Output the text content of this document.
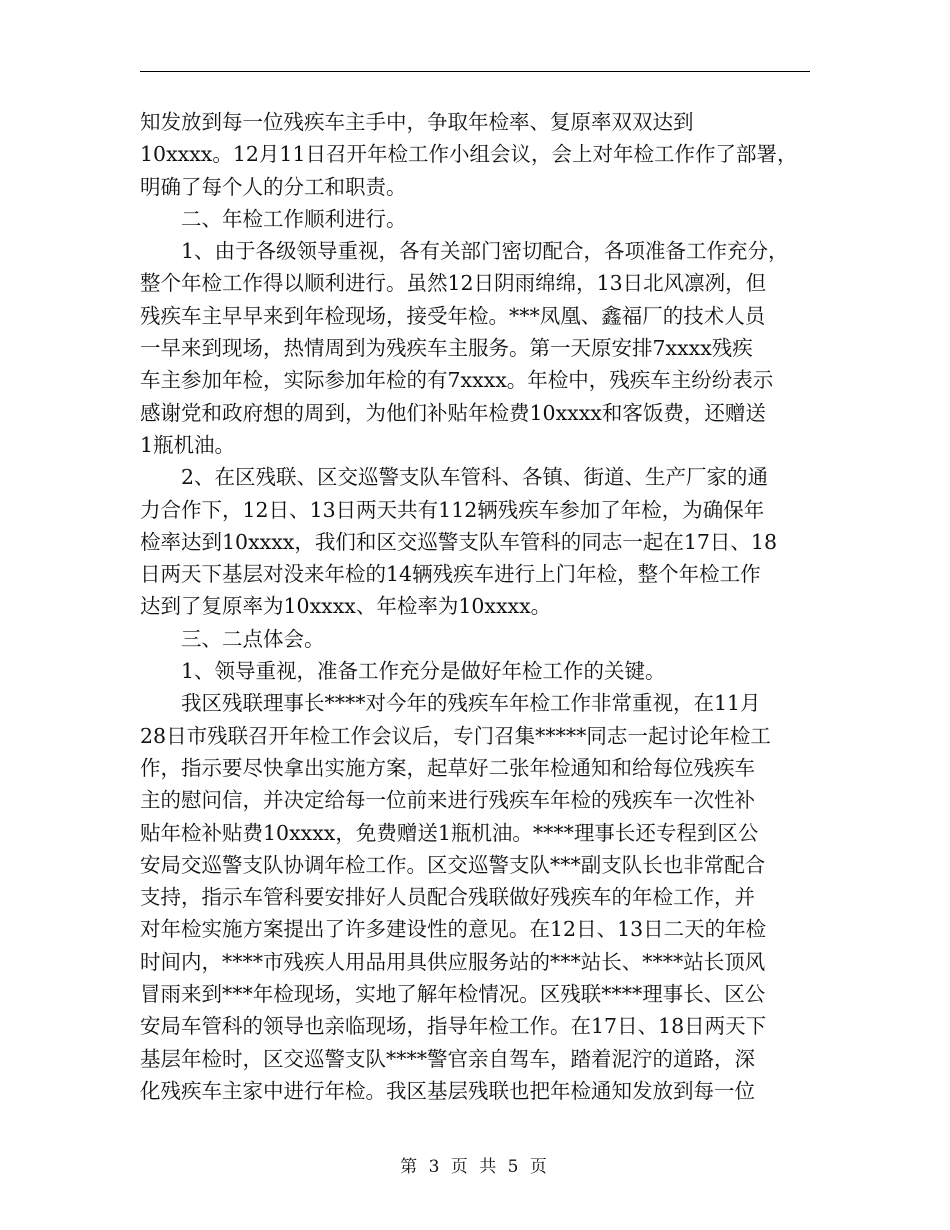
知发放到每一位残疾车主手中，争取年检率、复原率双双达到
10xxxx。12月11日召开年检工作小组会议，会上对年检工作作了部署，
明确了每个人的分工和职责。
二、年检工作顺利进行。
1、由于各级领导重视，各有关部门密切配合，各项准备工作充分，
整个年检工作得以顺利进行。虽然12日阴雨绵绵，13日北风凛冽，但
残疾车主早早来到年检现场，接受年检。***凤凰、鑫福厂的技术人员
一早来到现场，热情周到为残疾车主服务。第一天原安排7xxxx残疾
车主参加年检，实际参加年检的有7xxxx。年检中，残疾车主纷纷表示
感谢党和政府想的周到，为他们补贴年检费10xxxx和客饭费，还赠送
1瓶机油。
2、在区残联、区交巡警支队车管科、各镇、街道、生产厂家的通
力合作下，12日、13日两天共有112辆残疾车参加了年检，为确保年
检率达到10xxxx，我们和区交巡警支队车管科的同志一起在17日、18
日两天下基层对没来年检的14辆残疾车进行上门年检，整个年检工作
达到了复原率为10xxxx、年检率为10xxxx。
三、二点体会。
1、领导重视，准备工作充分是做好年检工作的关键。
我区残联理事长****对今年的残疾车年检工作非常重视，在11月
28日市残联召开年检工作会议后，专门召集*****同志一起讨论年检工
作，指示要尽快拿出实施方案，起草好二张年检通知和给每位残疾车
主的慰问信，并决定给每一位前来进行残疾车年检的残疾车一次性补
贴年检补贴费10xxxx，免费赠送1瓶机油。****理事长还专程到区公
安局交巡警支队协调年检工作。区交巡警支队***副支队长也非常配合
支持，指示车管科要安排好人员配合残联做好残疾车的年检工作，并
对年检实施方案提出了许多建设性的意见。在12日、13日二天的年检
时间内，****市残疾人用品用具供应服务站的***站长、****站长顶风
冒雨来到***年检现场，实地了解年检情况。区残联****理事长、区公
安局车管科的领导也亲临现场，指导年检工作。在17日、18日两天下
基层年检时，区交巡警支队****警官亲自驾车，踏着泥泞的道路，深
化残疾车主家中进行年检。我区基层残联也把年检通知发放到每一位
第 3 页 共 5 页
